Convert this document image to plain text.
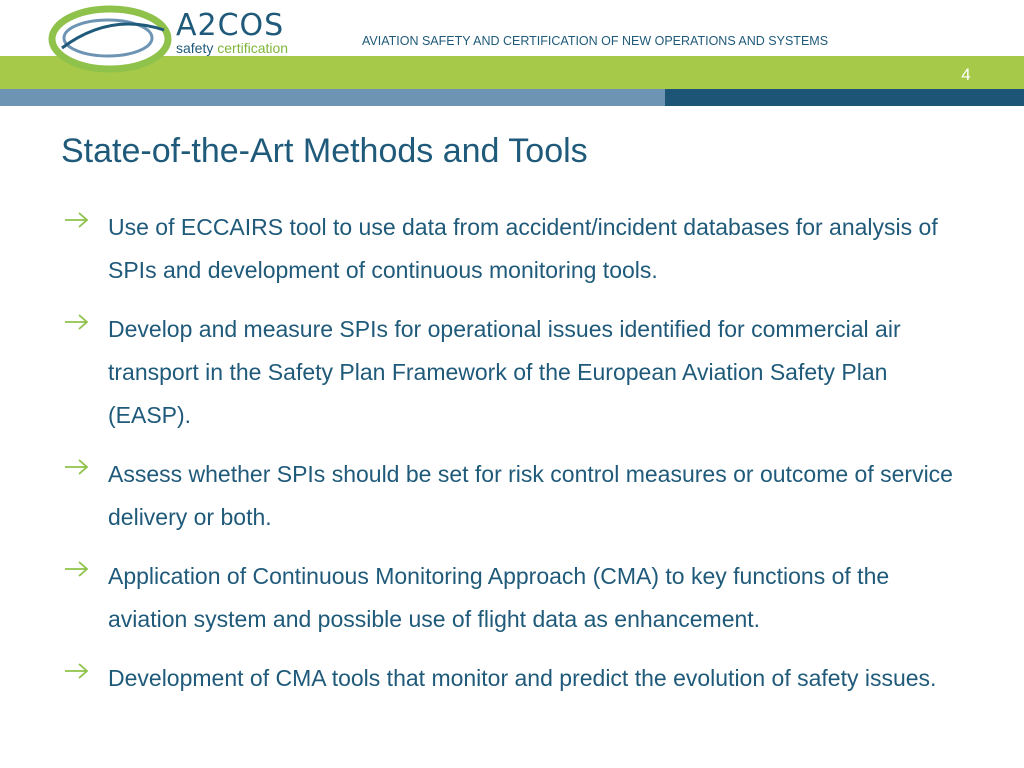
A2COS
safety certification	AVIATION SAFETY AND CERTIFICATION OF NEW OPERATIONS AND SYSTEMS
4
State-of-the-Art Methods and Tools
Use of ECCAIRS tool to use data from accident/incident databases for analysis of SPIs and development of continuous monitoring tools.
Develop and measure SPIs for operational issues identified for commercial air transport in the Safety Plan Framework of the European Aviation Safety Plan (EASP).
Assess whether SPIs should be set for risk control measures or outcome of service delivery or both.
Application of Continuous Monitoring Approach (CMA) to key functions of the aviation system and possible use of flight data as enhancement.
Development of CMA tools that monitor and predict the evolution of safety issues.
